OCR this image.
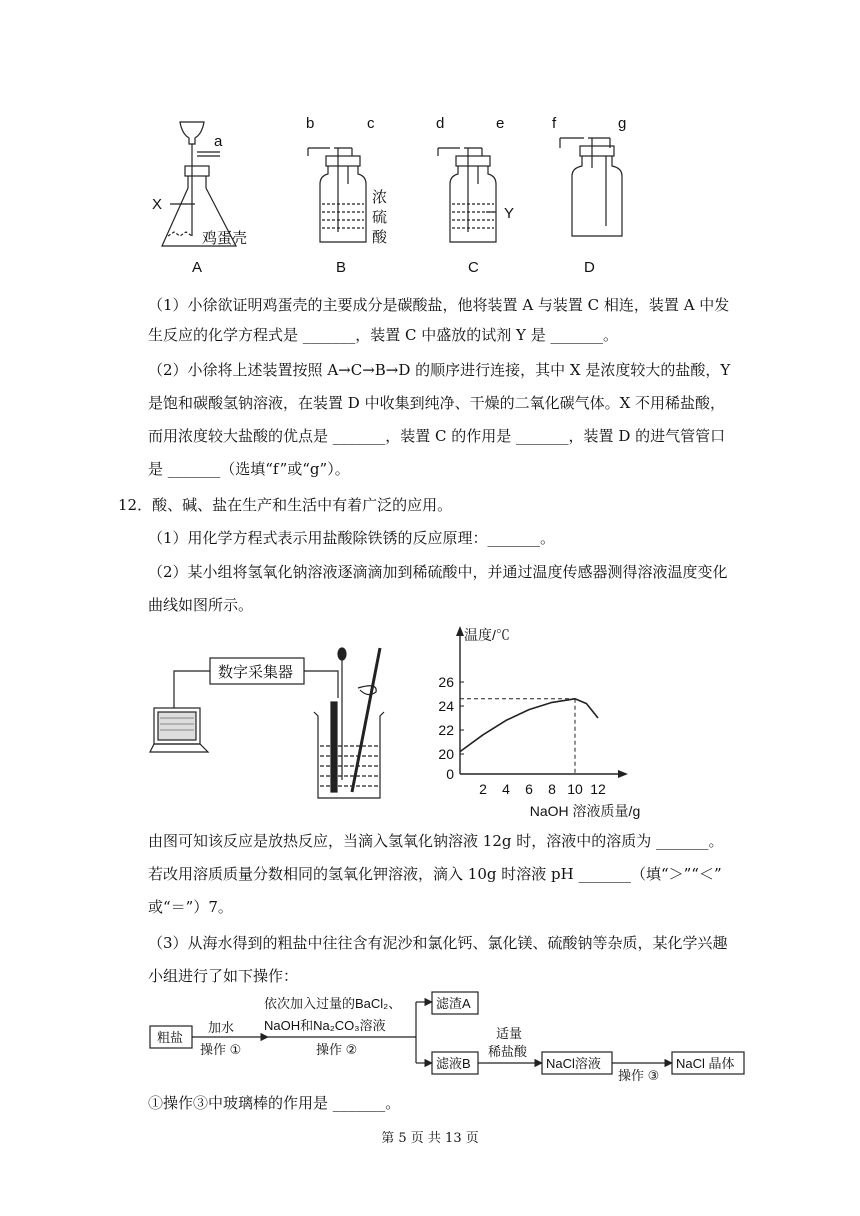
a
b	c	d	e	f	g
X
Y
鸡蛋壳
浓
硫
酸
A	B	C	D
（1）小徐欲证明鸡蛋壳的主要成分是碳酸盐，他将装置 A 与装置 C 相连，装置 A 中发
生反应的化学方程式是 _______，装置 C 中盛放的试剂 Y 是 _______。
（2）小徐将上述装置按照 A→C→B→D 的顺序进行连接，其中 X 是浓度较大的盐酸，Y
是饱和碳酸氢钠溶液，在装置 D 中收集到纯净、干燥的二氧化碳气体。X 不用稀盐酸，
而用浓度较大盐酸的优点是 _______，装置 C 的作用是 _______，装置 D 的进气管管口
是 _______（选填“f”或“g”）。
12．酸、碱、盐在生产和生活中有着广泛的应用。
（1）用化学方程式表示用盐酸除铁锈的反应原理：_______。
（2）某小组将氢氧化钠溶液逐滴滴加到稀硫酸中，并通过温度传感器测得溶液温度变化
曲线如图所示。
数字采集器
0
20
22
24
26
2 4 6 8 10 12
温度/℃
NaOH 溶液质量/g
由图可知该反应是放热反应，当滴入氢氧化钠溶液 12g 时，溶液中的溶质为 _______。
若改用溶质质量分数相同的氢氧化钾溶液，滴入 10g 时溶液 pH _______（填“＞”“＜”
或“＝”）7。
（3）从海水得到的粗盐中往往含有泥沙和氯化钙、氯化镁、硫酸钠等杂质，某化学兴趣
小组进行了如下操作：
粗盐
加水
操作 ①
依次加入过量的BaCl₂、
NaOH和Na₂CO₃溶液
操作 ②
滤渣A
滤液B
适量
稀盐酸
NaCl溶液
操作 ③
NaCl 晶体
①操作③中玻璃棒的作用是 _______。
第 5 页 共 13 页
